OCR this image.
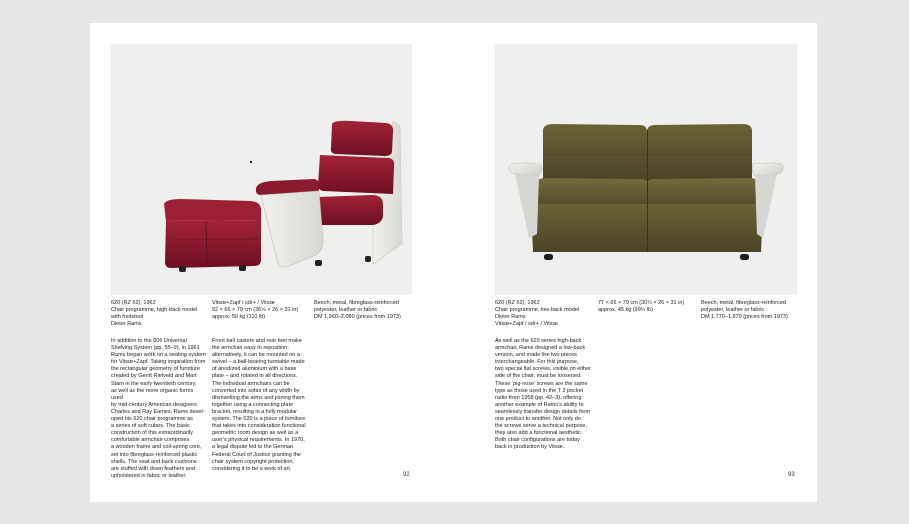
620 (RZ 62), 1962

Chair programme, high-back model

with footstool

Dieter Rams

Vitsœ+Zapf / sdr+ / Vitsœ

92 × 66 × 79 cm (36¼ × 26 × 31 in)

approx. 50 kg (110 lb)

Beech, metal, fibreglass-reinforced

polyester, leather or fabric

DM 1,960–2,080 (prices from 1973)

In addition to the 606 Universal

Shelving System (pp. 55–9), in 1961

Rams began work on a seating system

for Vitsœ+Zapf. Taking inspiration from

the rectangular geometry of furniture

created by Gerrit Rietveld and Mart

Stam in the early twentieth century,

as well as the more organic forms used

by mid-century American designers

Charles and Ray Eames, Rams devel-

oped his 620 chair programme as

a series of soft cubes. The basic

construction of this extraordinarily

comfortable armchair comprises

a wooden frame and coil-spring core,

set into fibreglass-reinforced plastic

shells. The seat and back cushions

are stuffed with down feathers and

upholstered in fabric or leather.

Front ball castors and rear feet make

the armchair easy to reposition;

alternatively, it can be mounted on a

swivel – a ball-bearing turntable made

of anodized aluminium with a base

plate – and rotated in all directions.

The individual armchairs can be

converted into sofas of any width by

dismantling the arms and joining them

together using a connecting plate

bracket, resulting in a fully modular

system. The 620 is a piece of furniture

that takes into consideration functional

geometric room design as well as a

user’s physical requirements. In 1970,

a legal dispute led to the German

Federal Court of Justice granting the

chair system copyright protection,

considering it to be a work of art.

92

620 (RZ 62), 1962

Chair programme, low-back model

Dieter Rams

Vitsœ+Zapf / sdr+ / Vitsœ

77 × 66 × 79 cm (30¼ × 26 × 31 in)

approx. 45 kg (99¼ lb)

Beech, metal, fibreglass-reinforced

polyester, leather or fabric

DM 1,770–1,870 (prices from 1973)

As well as the 620 series high-back

armchair, Rams designed a low-back

version, and made the two pieces

interchangeable. For this purpose,

two special flat screws, visible on either

side of the chair, must be loosened.

These ‘pig-nose’ screws are the same

type as those used in the T 3 pocket

radio from 1958 (pp. 42–3), offering

another example of Rams’s ability to

seamlessly transfer design details from

one product to another. Not only do

the screws serve a technical purpose,

they also add a functional aesthetic.

Both chair configurations are today

back in production by Vitsœ.

93
